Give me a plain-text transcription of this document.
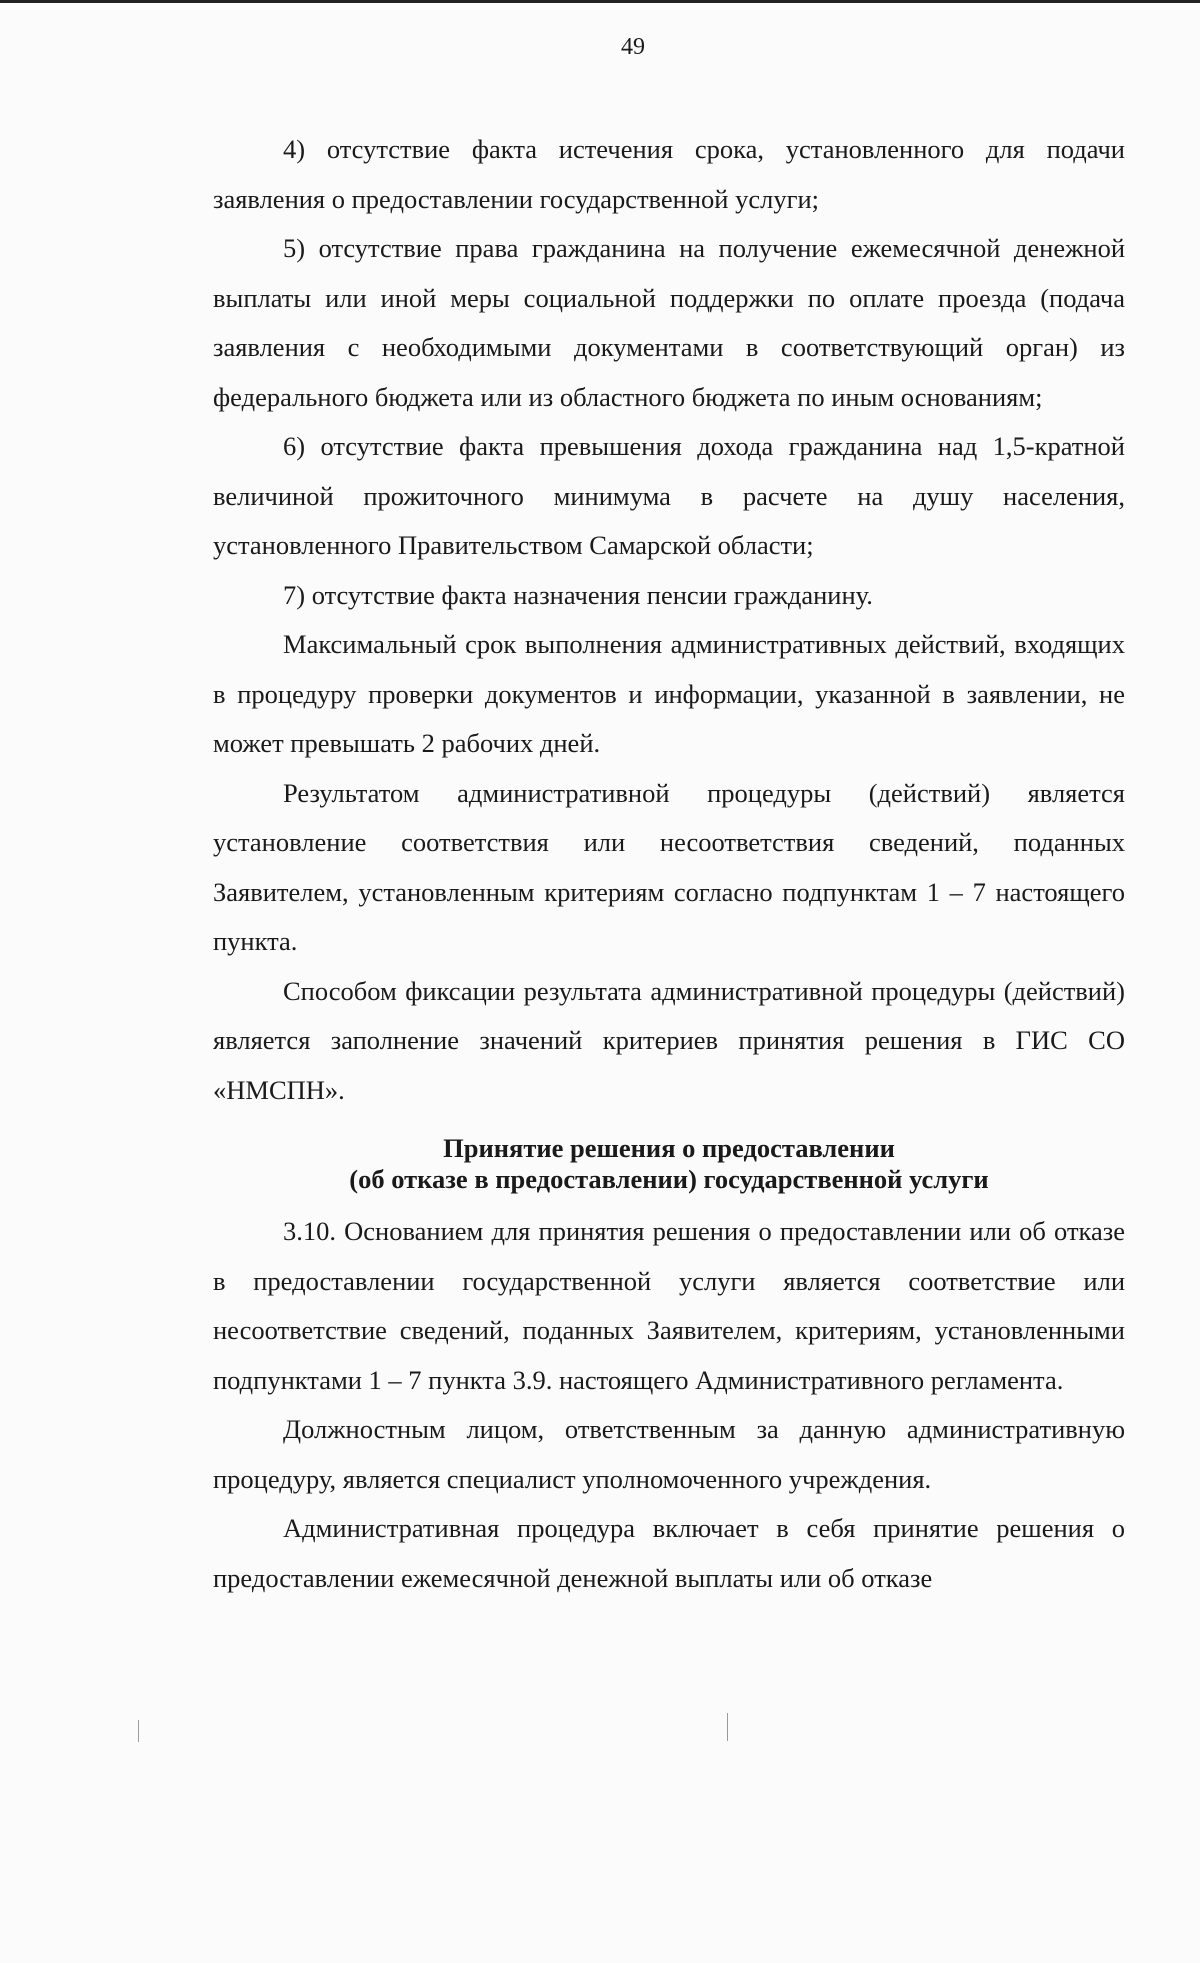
49

4) отсутствие факта истечения срока, установленного для подачи заявления о предоставлении государственной услуги;

5) отсутствие права гражданина на получение ежемесячной денежной выплаты или иной меры социальной поддержки по оплате проезда (подача заявления с необходимыми документами в соответствующий орган) из федерального бюджета или из областного бюджета по иным основаниям;

6) отсутствие факта превышения дохода гражданина над 1,5-кратной величиной прожиточного минимума в расчете на душу населения, установленного Правительством Самарской области;

7) отсутствие факта назначения пенсии гражданину.

Максимальный срок выполнения административных действий, входящих в процедуру проверки документов и информации, указанной в заявлении, не может превышать 2 рабочих дней.

Результатом административной процедуры (действий) является установление соответствия или несоответствия сведений, поданных Заявителем, установленным критериям согласно подпунктам 1 – 7 настоящего пункта.

Способом фиксации результата административной процедуры (действий) является заполнение значений критериев принятия решения в ГИС СО «НМСПН».

Принятие решения о предоставлении
(об отказе в предоставлении) государственной услуги

3.10. Основанием для принятия решения о предоставлении или об отказе в предоставлении государственной услуги является соответствие или несоответствие сведений, поданных Заявителем, критериям, установленными подпунктами 1 – 7 пункта 3.9. настоящего Административного регламента.

Должностным лицом, ответственным за данную административную процедуру, является специалист уполномоченного учреждения.

Административная процедура включает в себя принятие решения о предоставлении ежемесячной денежной выплаты или об отказе
